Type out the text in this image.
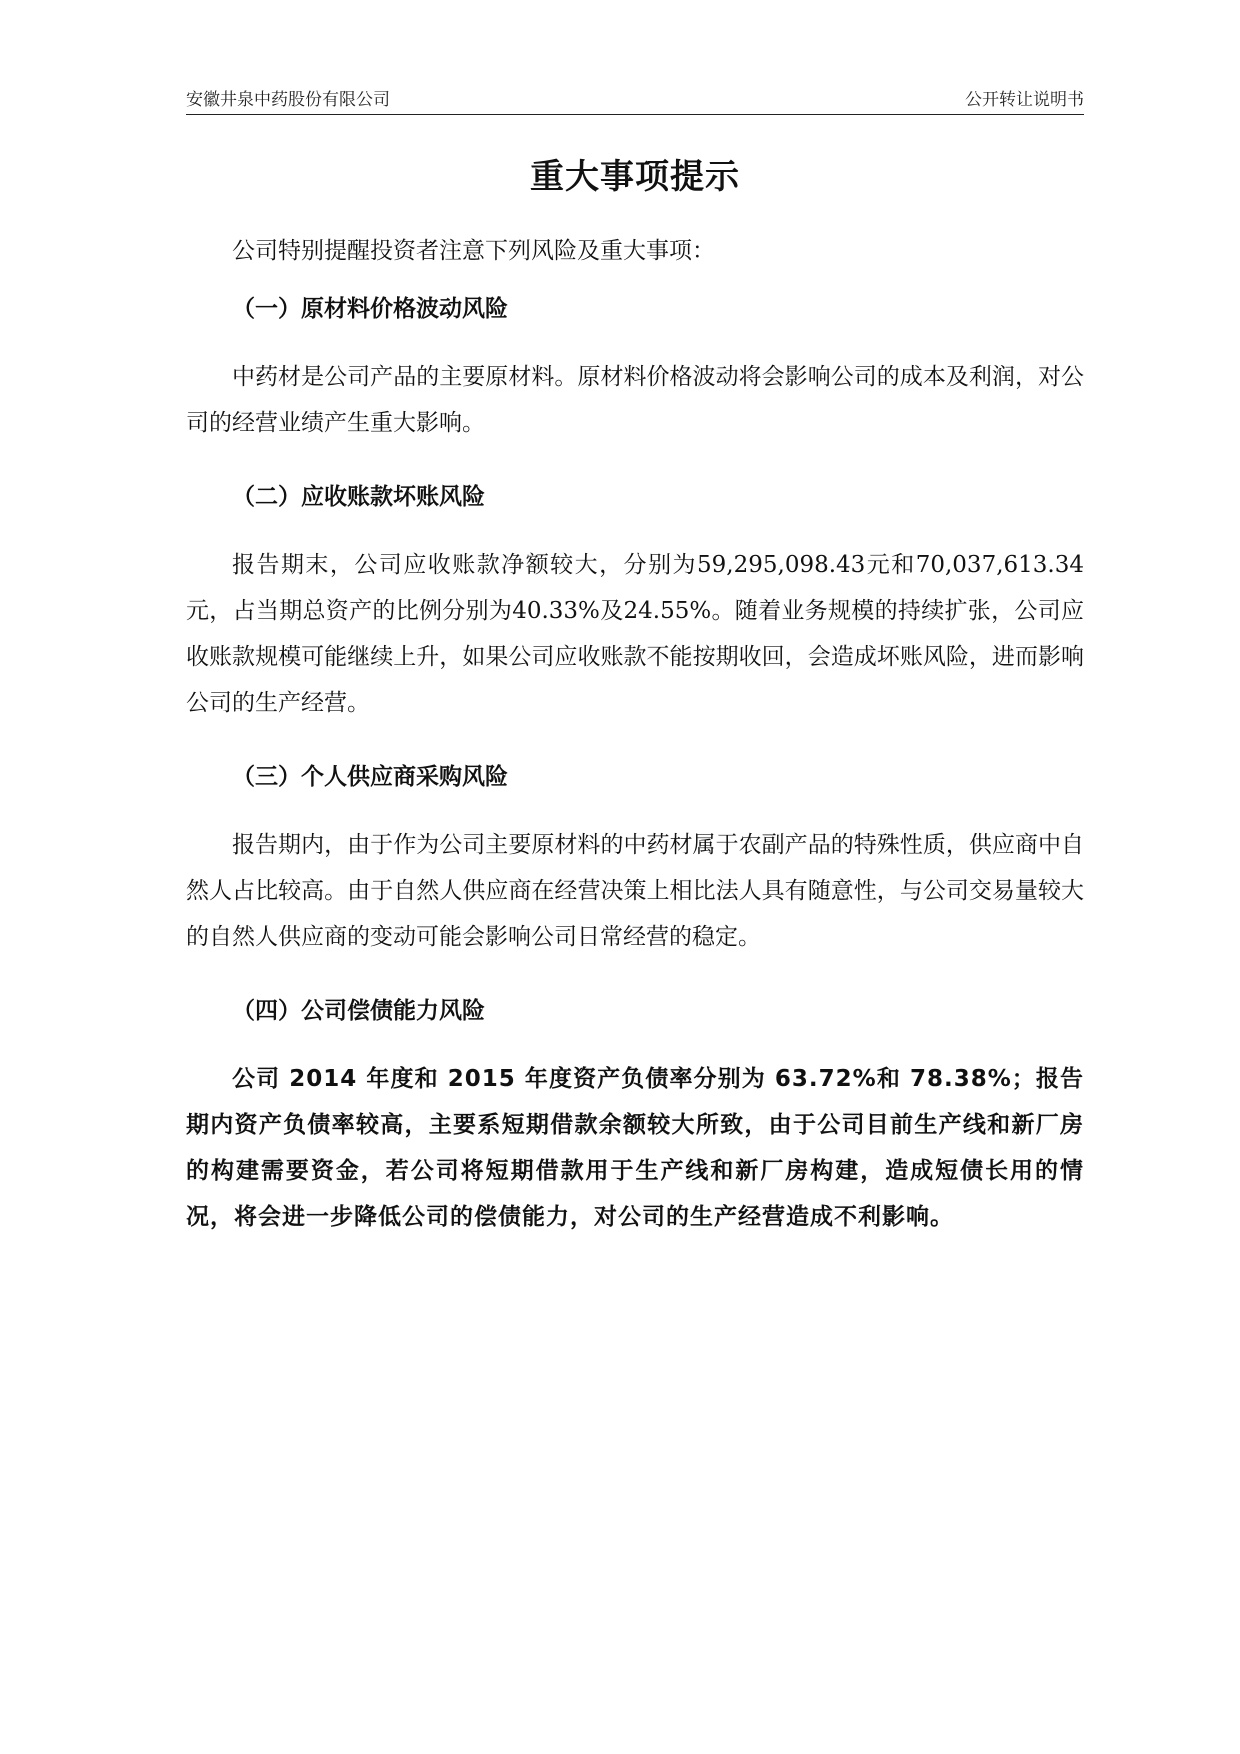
安徽井泉中药股份有限公司	公开转让说明书
重大事项提示

公司特别提醒投资者注意下列风险及重大事项：

（一）原材料价格波动风险

中药材是公司产品的主要原材料。原材料价格波动将会影响公司的成本及利润，对公司的经营业绩产生重大影响。

（二）应收账款坏账风险

报告期末，公司应收账款净额较大，分别为59,295,098.43元和70,037,613.34元，占当期总资产的比例分别为40.33%及24.55%。随着业务规模的持续扩张，公司应收账款规模可能继续上升，如果公司应收账款不能按期收回，会造成坏账风险，进而影响公司的生产经营。

（三）个人供应商采购风险

报告期内，由于作为公司主要原材料的中药材属于农副产品的特殊性质，供应商中自然人占比较高。由于自然人供应商在经营决策上相比法人具有随意性，与公司交易量较大的自然人供应商的变动可能会影响公司日常经营的稳定。

（四）公司偿债能力风险

公司 2014 年度和 2015 年度资产负债率分别为 63.72%和 78.38%；报告期内资产负债率较高，主要系短期借款余额较大所致，由于公司目前生产线和新厂房的构建需要资金，若公司将短期借款用于生产线和新厂房构建，造成短债长用的情况，将会进一步降低公司的偿债能力，对公司的生产经营造成不利影响。
